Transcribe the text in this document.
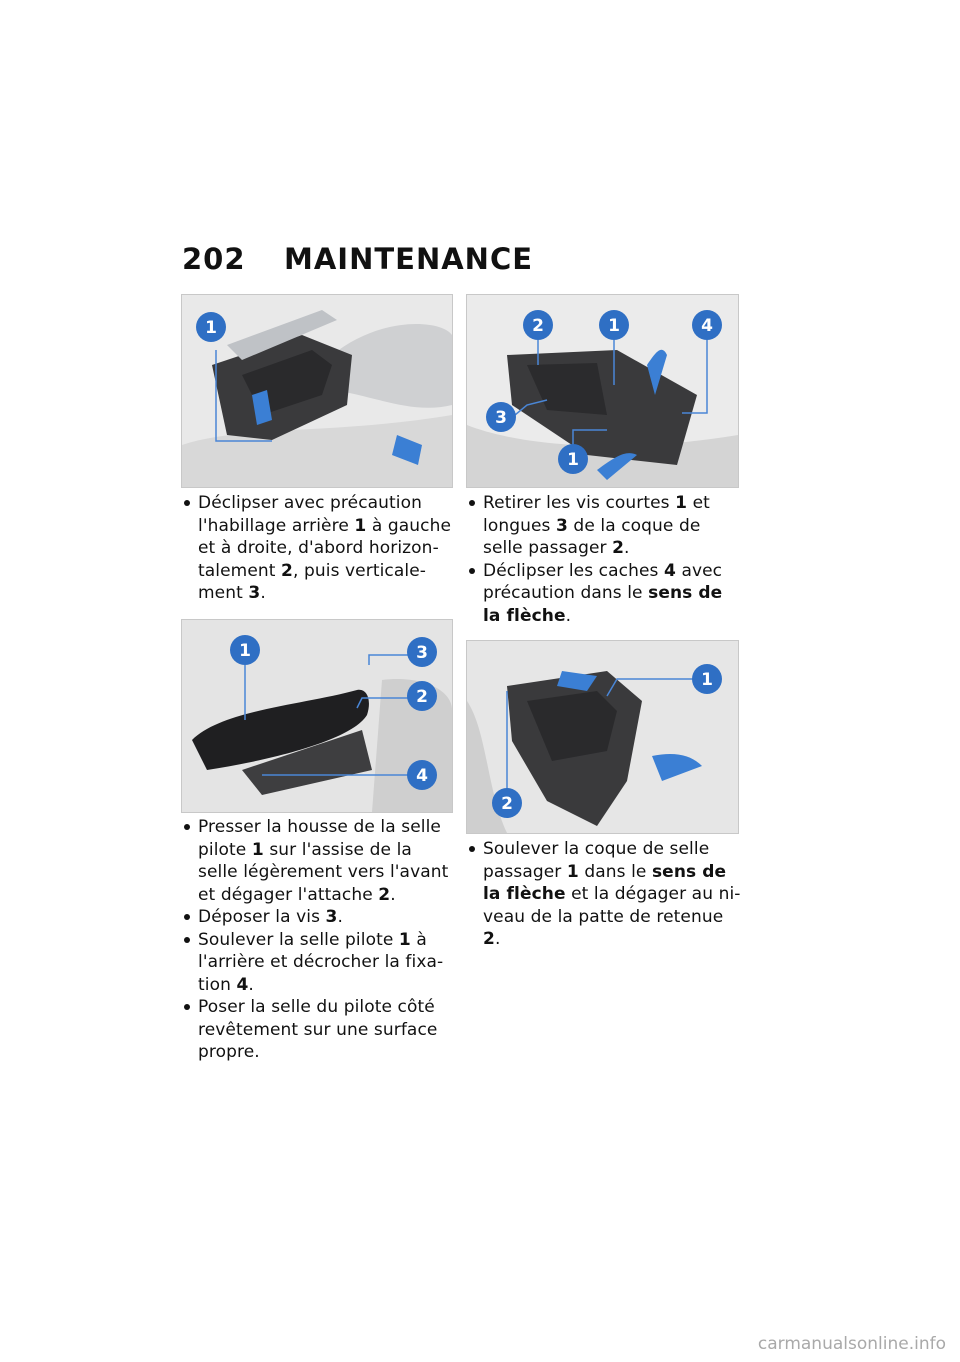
202	MAINTENANCE
1	2	1	4
3
1
Déclipser avec précaution l'habillage arrière 1 à gauche et à droite, d'abord horizontalement 2, puis verticalement 3.
Retirer les vis courtes 1 et longues 3 de la coque de selle passager 2.
Déclipser les caches 4 avec précaution dans le sens de la flèche.
1	3
2
4
1
2
Presser la housse de la selle pilote 1 sur l'assise de la selle légèrement vers l'avant et dégager l'attache 2.
Déposer la vis 3.
Soulever la selle pilote 1 à l'arrière et décrocher la fixation 4.
Poser la selle du pilote côté revêtement sur une surface propre.
Soulever la coque de selle passager 1 dans le sens de la flèche et la dégager au niveau de la patte de retenue 2.
carmanualsonline.info
